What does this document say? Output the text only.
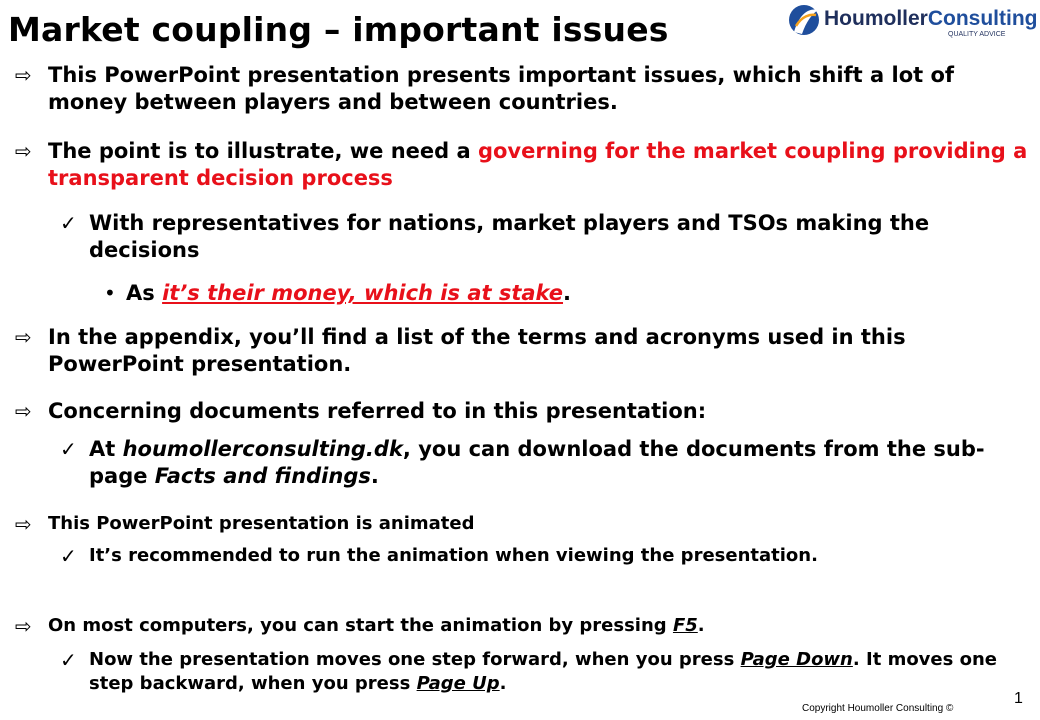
Market coupling – important issues	HoumollerConsulting
QUALITY ADVICE
⇨ This PowerPoint presentation presents important issues, which shift a lot of money between players and between countries.
⇨ The point is to illustrate, we need a governing for the market coupling providing a transparent decision process
✓ With representatives for nations, market players and TSOs making the decisions
• As it’s their money, which is at stake.
⇨ In the appendix, you’ll find a list of the terms and acronyms used in this PowerPoint presentation.
⇨ Concerning documents referred to in this presentation:
✓ At houmollerconsulting.dk, you can download the documents from the sub-page Facts and findings.
⇨ This PowerPoint presentation is animated
✓ It’s recommended to run the animation when viewing the presentation.
⇨ On most computers, you can start the animation by pressing F5.
✓ Now the presentation moves one step forward, when you press Page Down. It moves one step backward, when you press Page Up.
Copyright Houmoller Consulting ©
1
